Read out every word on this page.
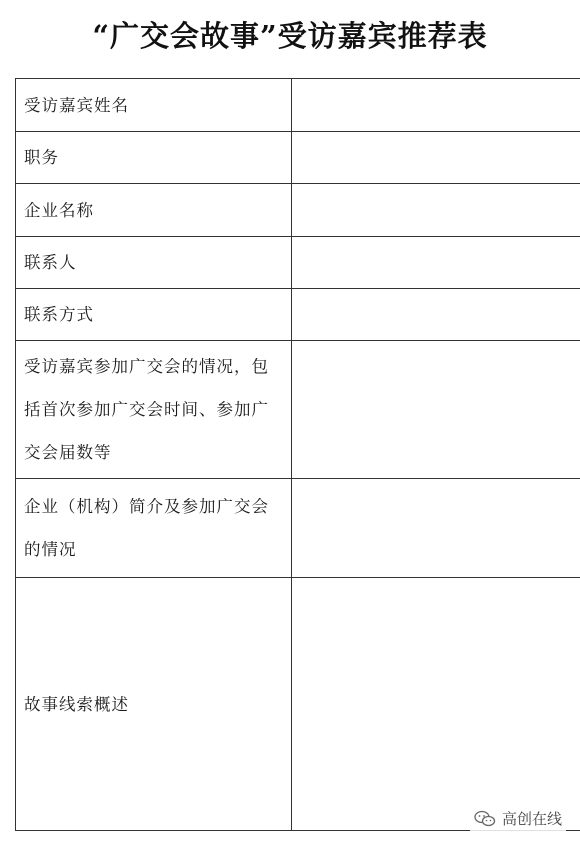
“广交会故事”受访嘉宾推荐表
受访嘉宾姓名	
职务	
企业名称	
联系人	
联系方式	
受访嘉宾参加广交会的情况，包括首次参加广交会时间、参加广交会届数等	
企业（机构）简介及参加广交会的情况	
故事线索概述	
高创在线
